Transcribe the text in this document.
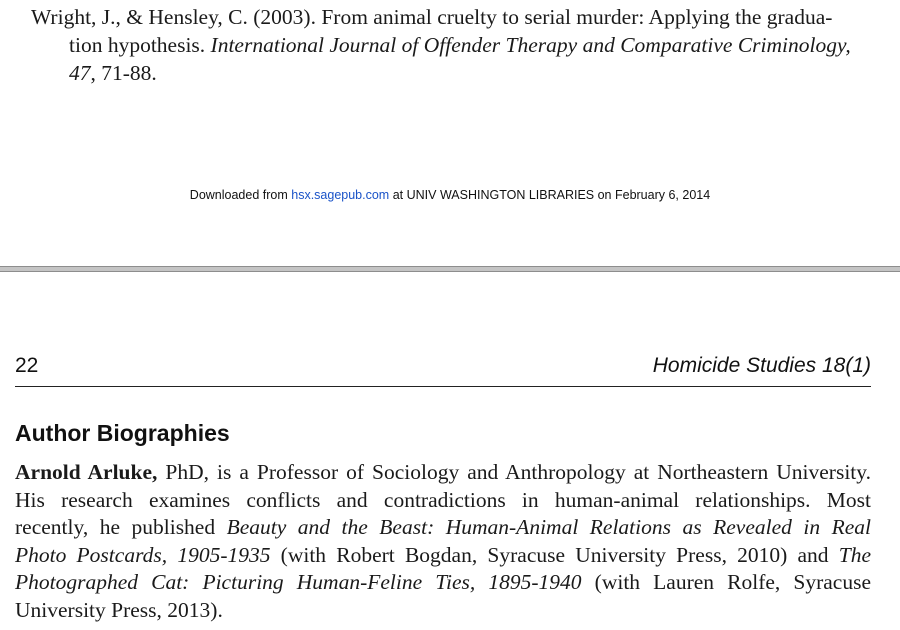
Wright, J., & Hensley, C. (2003). From animal cruelty to serial murder: Applying the gradua-
tion hypothesis. International Journal of Offender Therapy and Comparative Criminology,
47, 71-88.
Downloaded from hsx.sagepub.com at UNIV WASHINGTON LIBRARIES on February 6, 2014
22	Homicide Studies 18(1)
Author Biographies
Arnold Arluke, PhD, is a Professor of Sociology and Anthropology at Northeastern University.
His research examines conflicts and contradictions in human-animal relationships. Most
recently, he published Beauty and the Beast: Human-Animal Relations as Revealed in Real
Photo Postcards, 1905-1935 (with Robert Bogdan, Syracuse University Press, 2010) and The
Photographed Cat: Picturing Human-Feline Ties, 1895-1940 (with Lauren Rolfe, Syracuse
University Press, 2013).
